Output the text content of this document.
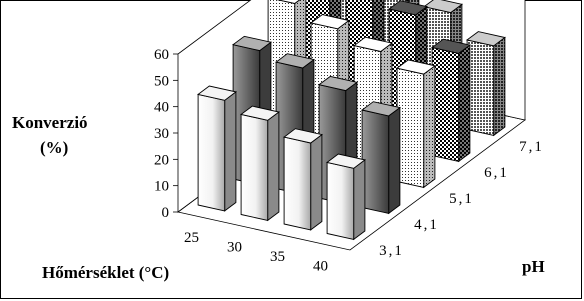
0
10
20
30
40
50
60
25
30
35
40
3,1
4,1
5,1
6,1
7,1
Konverzió
(%)
Hőmérséklet (°C)	pH
